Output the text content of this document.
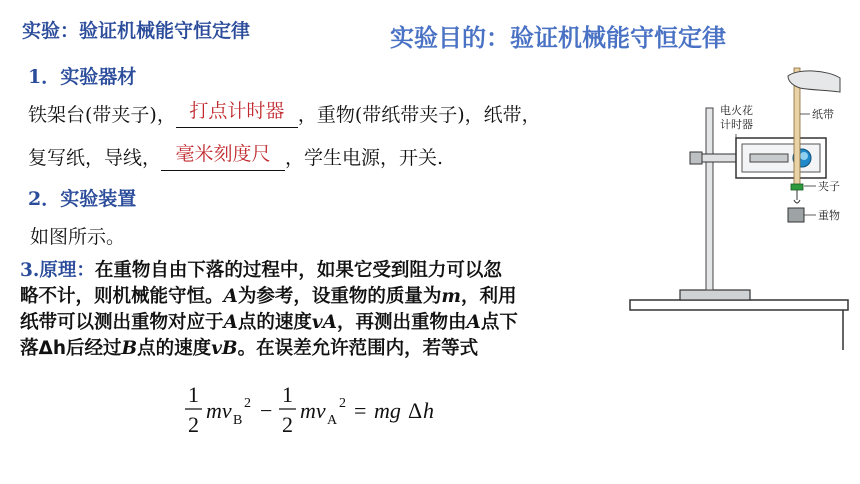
实验：验证机械能守恒定律	实验目的：验证机械能守恒定律
1．实验器材
铁架台(带夹子)， 打点计时器 ，重物(带纸带夹子)，纸带，
复写纸，导线， 毫米刻度尺 ，学生电源，开关.
2．实验装置
如图所示。
3.原理：在重物自由下落的过程中，如果它受到阻力可以忽
略不计，则机械能守恒。A为参考，设重物的质量为m，利用
纸带可以测出重物对应于A点的速度vA，再测出重物由A点下
落Δh后经过B点的速度vB。在误差允许范围内，若等式
1
2
mv B
2 −
1
2
mv A
2 = mg Δ h
电火花
计时器
纸带
夹子
重物
